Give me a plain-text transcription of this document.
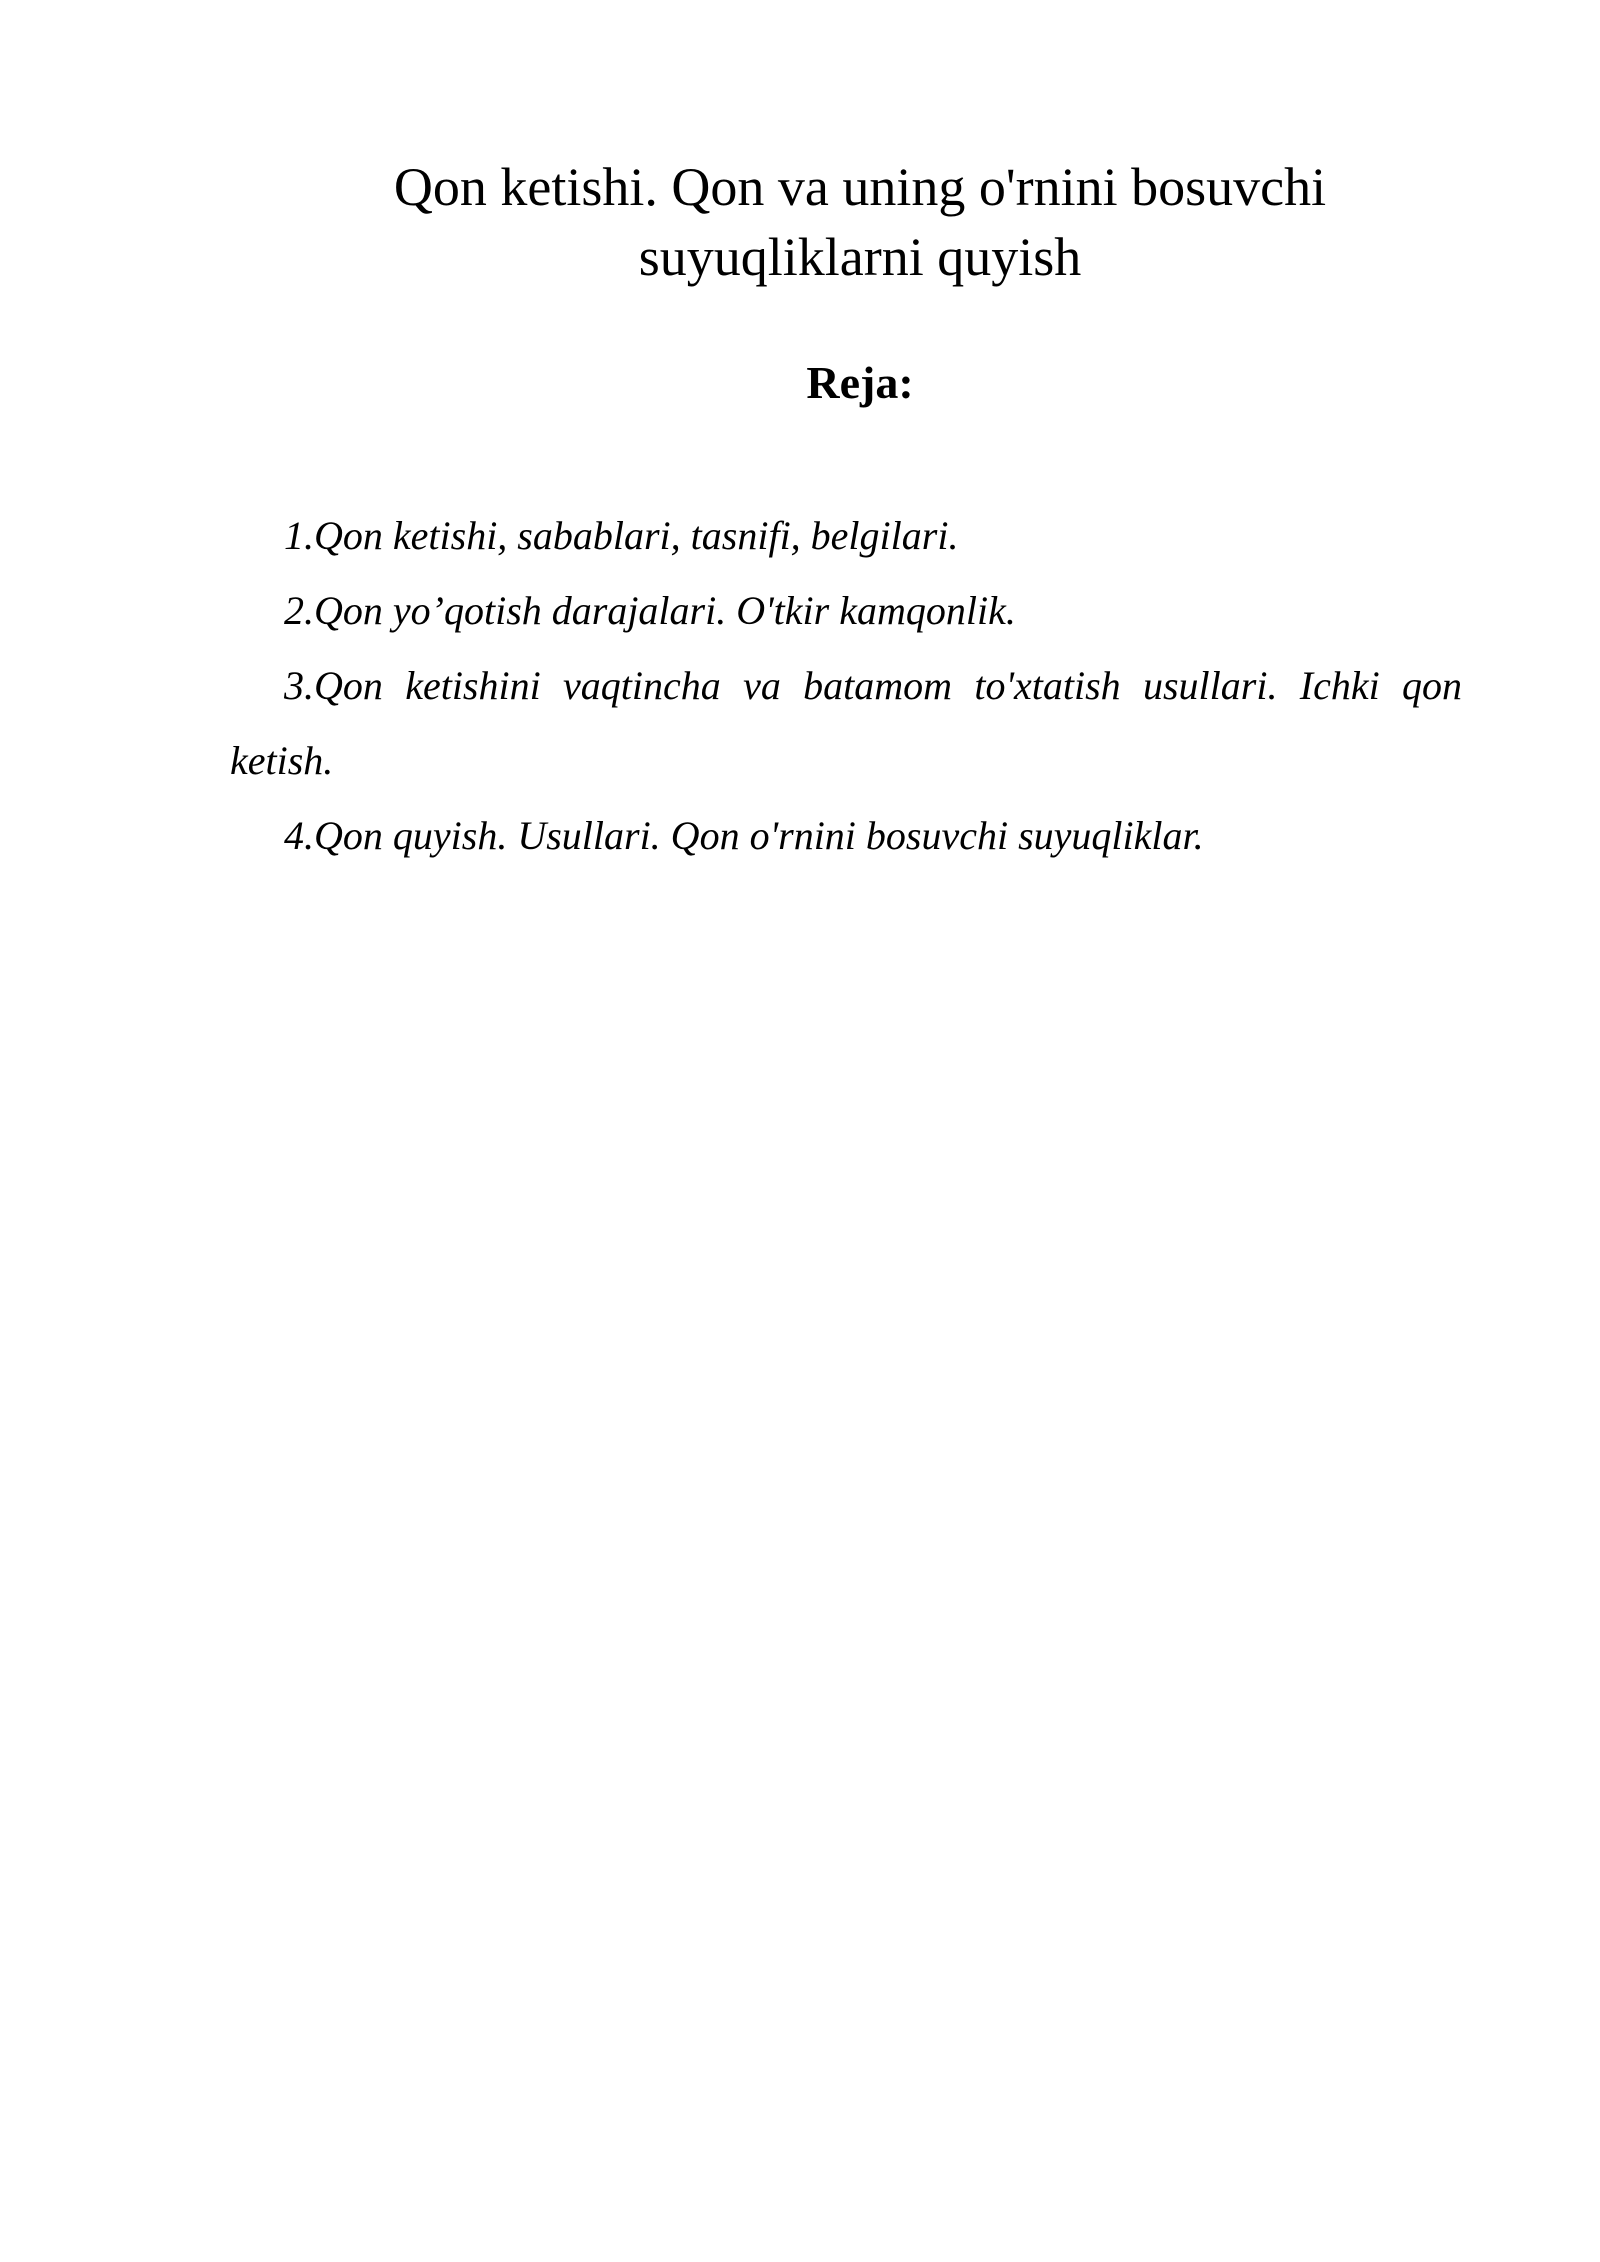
Qon ketishi. Qon va uning o'rnini bosuvchi
suyuqliklarni quyish
Reja:
1.Qon ketishi, sabablari, tasnifi, belgilari.
2.Qon yo’qotish darajalari. O'tkir kamqonlik.
3.Qon ketishini vaqtincha va batamom to'xtatish usullari. Ichki qon ketish.
4.Qon quyish. Usullari. Qon o'rnini bosuvchi suyuqliklar.
